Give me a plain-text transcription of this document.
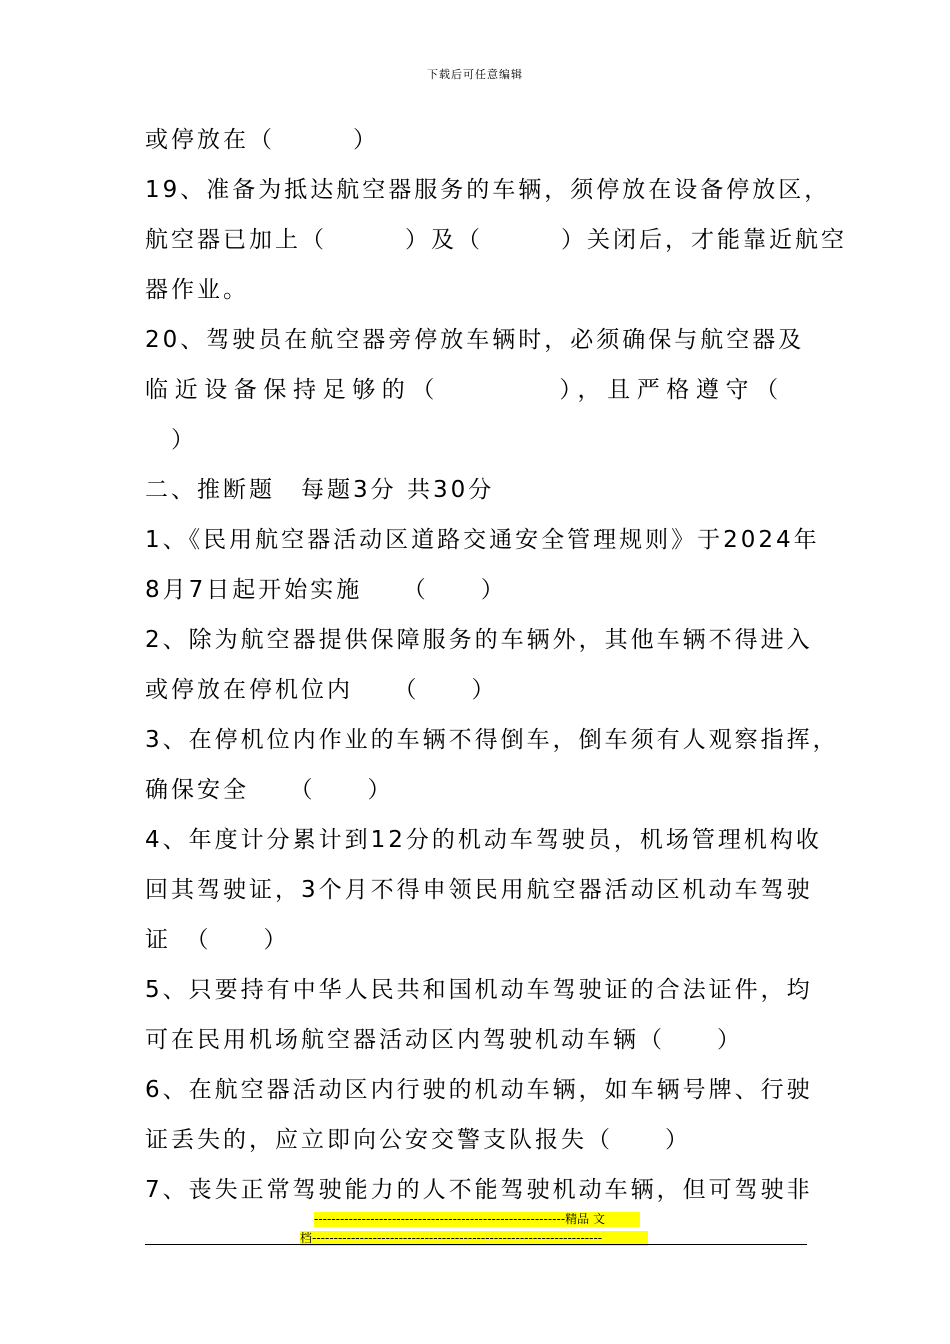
下载后可任意编辑
或停放在（　　　）
19、准备为抵达航空器服务的车辆，须停放在设备停放区，
航空器已加上（　　　）及（　　　）关闭后，才能靠近航空
器作业。
20、驾驶员在航空器旁停放车辆时，必须确保与航空器及
临近设备保持足够的（　　　　），且严格遵守（
　）
二、推断题　每题3分 共30分
1、《民用航空器活动区道路交通安全管理规则》于2024年
8月7日起开始实施　　（　　）
2、除为航空器提供保障服务的车辆外，其他车辆不得进入
或停放在停机位内　　（　　）
3、在停机位内作业的车辆不得倒车，倒车须有人观察指挥，
确保安全　　（　　）
4、年度计分累计到12分的机动车驾驶员，机场管理机构收
回其驾驶证，3个月不得申领民用航空器活动区机动车驾驶
证　（　　）
5、只要持有中华人民共和国机动车驾驶证的合法证件，均
可在民用机场航空器活动区内驾驶机动车辆（　　）
6、在航空器活动区内行驶的机动车辆，如车辆号牌、行驶
证丢失的，应立即向公安交警支队报失（　　）
7、丧失正常驾驶能力的人不能驾驶机动车辆，但可驾驶非
----------------------------------------------------------精品 文
档-------------------------------------------------------------------
